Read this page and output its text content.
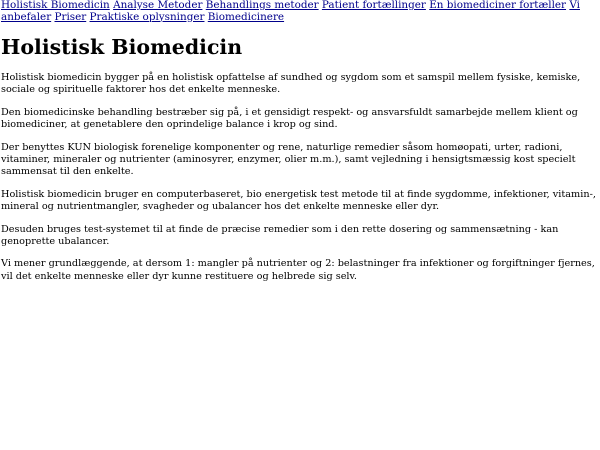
Holistisk Biomedicin Analyse Metoder Behandlings metoder Patient fortællinger En biomediciner fortæller Vi anbefaler Priser Praktiske oplysninger Biomedicinere
Holistisk Biomedicin

Holistisk biomedicin bygger på en holistisk opfattelse af sundhed og sygdom som et samspil mellem fysiske, kemiske, sociale og spirituelle faktorer hos det enkelte menneske.

Den biomedicinske behandling bestræber sig på, i et gensidigt respekt- og ansvarsfuldt samarbejde mellem klient og biomediciner, at genetablere den oprindelige balance i krop og sind.

Der benyttes KUN biologisk forenelige komponenter og rene, naturlige remedier såsom homøopati, urter, radioni, vitaminer, mineraler og nutrienter (aminosyrer, enzymer, olier m.m.), samt vejledning i hensigtsmæssig kost specielt sammensat til den enkelte.

Holistisk biomedicin bruger en computerbaseret, bio energetisk test metode til at finde sygdomme, infektioner, vitamin-, mineral og nutrientmangler, svagheder og ubalancer hos det enkelte menneske eller dyr.

Desuden bruges test-systemet til at finde de præcise remedier som i den rette dosering og sammensætning - kan genoprette ubalancer.

Vi mener grundlæggende, at dersom 1: mangler på nutrienter og 2: belastninger fra infektioner og forgiftninger fjernes, vil det enkelte menneske eller dyr kunne restituere og helbrede sig selv.
